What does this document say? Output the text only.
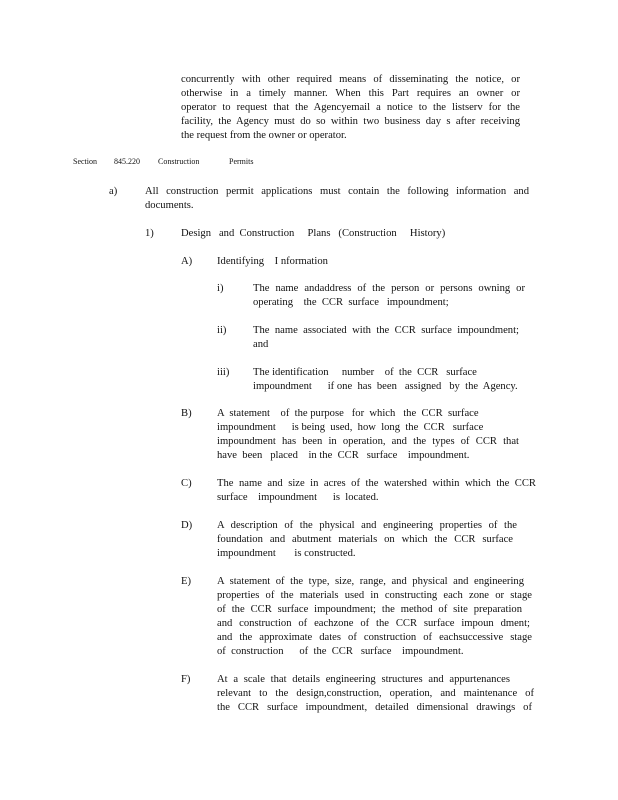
concurrently with other required means of disseminating the notice, or
otherwise in a timely manner. When this Part requires an owner or
operator to request that the Agencyemail a notice to the listserv for the
facility, the Agency must do so within two business day s after receiving
the request from the owner or operator.
Section 845.220 Construction	Permits
a)	All construction permit applications must contain the following information and
documents.
1)	Design   and  Construction     Plans   (Construction     History)
A) Identifying    I nformation
i)	The name andaddress of the person or persons owning or
operating    the  CCR  surface   impoundment;
ii)	The name associated with the CCR surface impoundment;
and
iii) The identification     number    of  the  CCR   surface
impoundment      if one  has  been   assigned   by  the  Agency.
B) A  statement    of  the purpose   for  which   the  CCR  surface
impoundment      is being  used,  how  long  the  CCR   surface
impoundment has been in operation, and the types of CCR that
have  been   placed    in the  CCR   surface    impoundment.
C) The name and size in acres of the watershed within which the CCR
surface    impoundment      is  located.
D) A description of the physical and engineering properties of the
foundation and abutment materials on which the CCR surface
impoundment       is constructed.
E) A statement of the type, size, range, and physical and engineering
properties of the materials used in constructing each zone or stage
of the CCR surface impoundment; the method of site preparation
and construction of eachzone of the CCR surface impoun dment;
and the approximate dates of construction of eachsuccessive stage
of  construction      of  the  CCR   surface    impoundment.
F)	At a scale that details engineering structures and appurtenances
relevant to the design,construction, operation, and maintenance of
the CCR surface impoundment, detailed dimensional drawings of
